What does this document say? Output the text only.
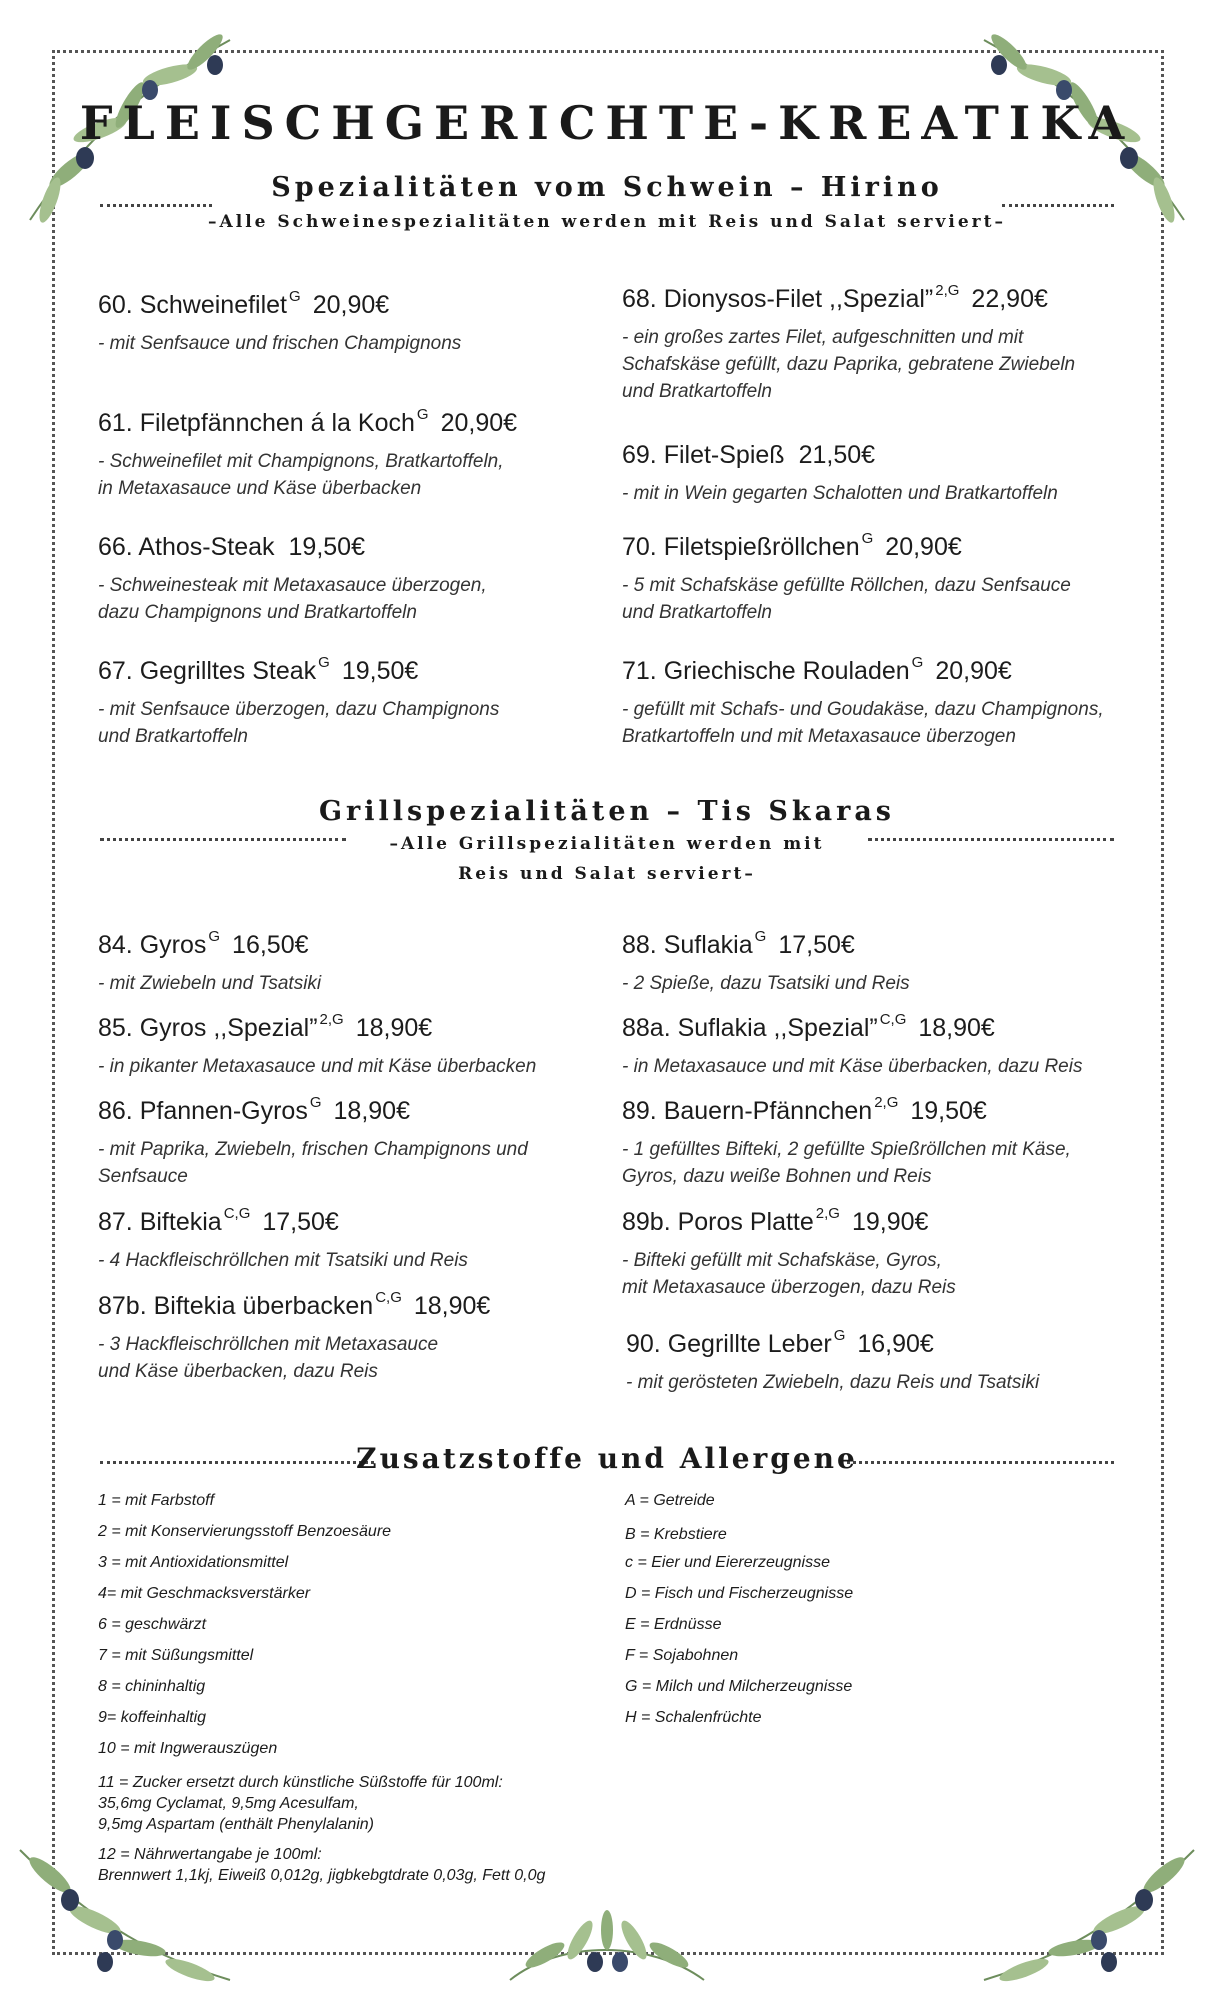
FLEISCHGERICHTE-KREATIKA
Spezialitäten vom Schwein – Hirino
–Alle Schweinespezialitäten werden mit Reis und Salat serviert–
60. Schweinefilet $^G$ 20,90€
- mit Senfsauce und frischen Champignons
61. Filetpfännchen á la Koch $^G$ 20,90€
- Schweinefilet mit Champignons, Bratkartoffeln,
in Metaxasauce und Käse überbacken
66. Athos-Steak 19,50€
- Schweinesteak mit Metaxasauce überzogen,
dazu Champignons und Bratkartoffeln
67. Gegrilltes Steak $^G$ 19,50€
- mit Senfsauce überzogen, dazu Champignons
und Bratkartoffeln
68. Dionysos-Filet ,,Spezial” $^{2,G}$ 22,90€
- ein großes zartes Filet, aufgeschnitten und mit
Schafskäse gefüllt, dazu Paprika, gebratene Zwiebeln
und Bratkartoffeln
69. Filet-Spieß 21,50€
- mit in Wein gegarten Schalotten und Bratkartoffeln
70. Filetspießröllchen $^G$ 20,90€
- 5 mit Schafskäse gefüllte Röllchen, dazu Senfsauce
und Bratkartoffeln
71. Griechische Rouladen $^G$ 20,90€
- gefüllt mit Schafs- und Goudakäse, dazu Champignons,
Bratkartoffeln und mit Metaxasauce überzogen
Grillspezialitäten – Tis Skaras
–Alle Grillspezialitäten werden mit
Reis und Salat serviert–
84. Gyros $^G$ 16,50€
- mit Zwiebeln und Tsatsiki
85. Gyros ,,Spezial” $^{2,G}$ 18,90€
- in pikanter Metaxasauce und mit Käse überbacken
86. Pfannen-Gyros $^G$ 18,90€
- mit Paprika, Zwiebeln, frischen Champignons und
Senfsauce
87. Biftekia $^{C,G}$ 17,50€
- 4 Hackfleischröllchen mit Tsatsiki und Reis
87b. Biftekia überbacken $^{C,G}$ 18,90€
- 3 Hackfleischröllchen mit Metaxasauce
und Käse überbacken, dazu Reis
88. Suflakia $^G$ 17,50€
- 2 Spieße, dazu Tsatsiki und Reis
88a. Suflakia ,,Spezial” $^{C,G}$ 18,90€
- in Metaxasauce und mit Käse überbacken, dazu Reis
89. Bauern-Pfännchen $^{2,G}$ 19,50€
- 1 gefülltes Bifteki, 2 gefüllte Spießröllchen mit Käse,
Gyros, dazu weiße Bohnen und Reis
89b. Poros Platte $^{2,G}$ 19,90€
- Bifteki gefüllt mit Schafskäse, Gyros,
mit Metaxasauce überzogen, dazu Reis
90. Gegrillte Leber $^G$ 16,90€
- mit gerösteten Zwiebeln, dazu Reis und Tsatsiki
Zusatzstoffe und Allergene
1 = mit Farbstoff
2 = mit Konservierungsstoff Benzoesäure
3 = mit Antioxidationsmittel
4= mit Geschmacksverstärker
6 = geschwärzt
7 = mit Süßungsmittel
8 = chininhaltig
9= koffeinhaltig
10 = mit Ingwerauszügen
11 = Zucker ersetzt durch künstliche Süßstoffe für 100ml:
35,6mg Cyclamat, 9,5mg Acesulfam,
9,5mg Aspartam (enthält Phenylalanin)
12 = Nährwertangabe je 100ml:
Brennwert 1,1kj, Eiweiß 0,012g, jigbkebgtdrate 0,03g, Fett 0,0g
A = Getreide
B = Krebstiere
c = Eier und Eiererzeugnisse
D = Fisch und Fischerzeugnisse
E = Erdnüsse
F = Sojabohnen
G = Milch und Milcherzeugnisse
H = Schalenfrüchte
